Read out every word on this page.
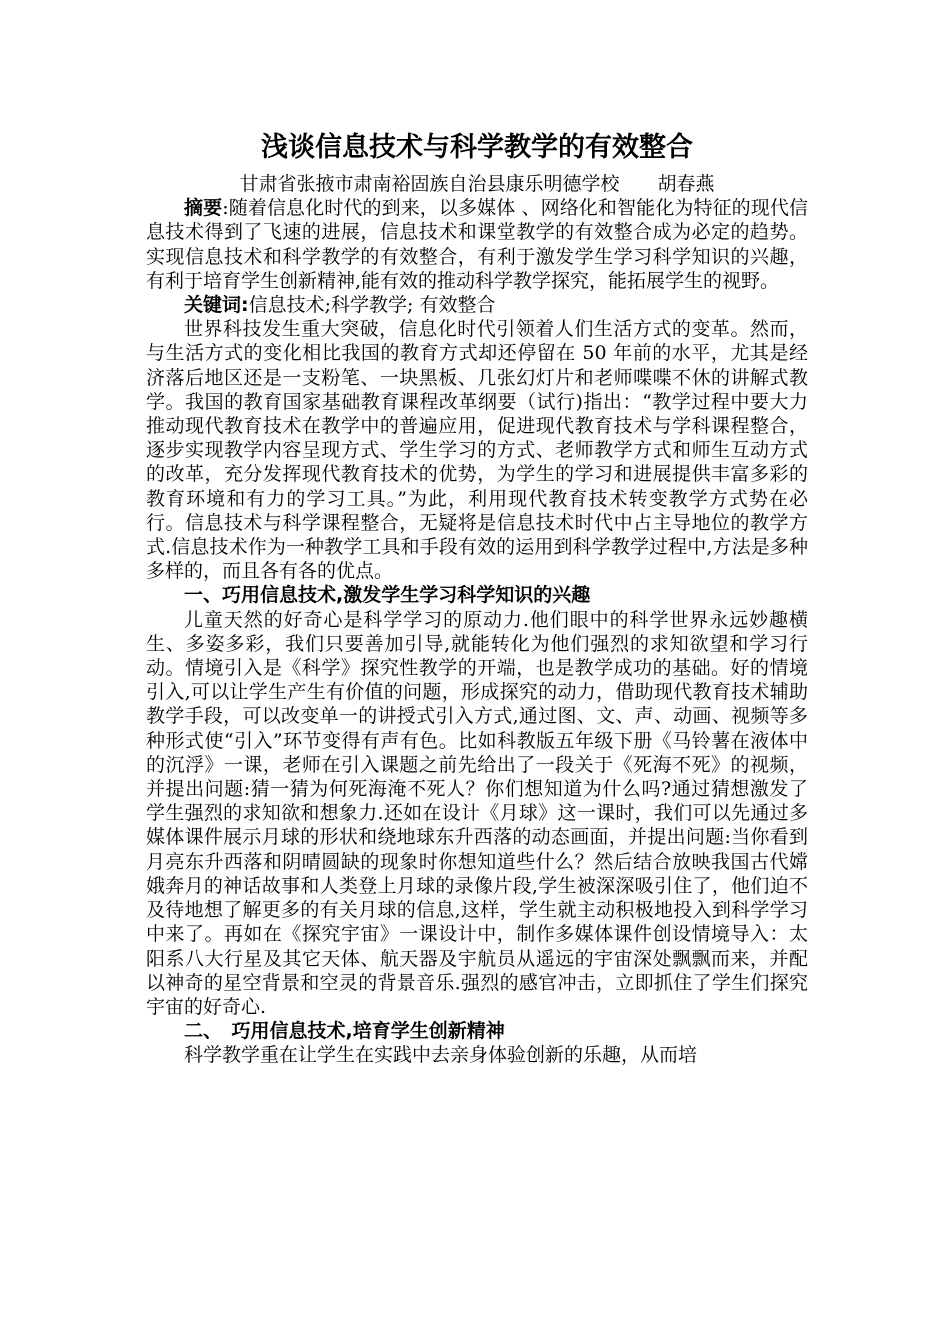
浅谈信息技术与科学教学的有效整合
甘肃省张掖市肃南裕固族自治县康乐明德学校　　胡春燕

摘要:随着信息化时代的到来，以多媒体 、网络化和智能化为特征的现代信息技术得到了飞速的进展，信息技术和课堂教学的有效整合成为必定的趋势。实现信息技术和科学教学的有效整合，有利于激发学生学习科学知识的兴趣，有利于培育学生创新精神,能有效的推动科学教学探究，能拓展学生的视野。

关键词:信息技术;科学教学; 有效整合

世界科技发生重大突破，信息化时代引领着人们生活方式的变革。然而，与生活方式的变化相比我国的教育方式却还停留在 50 年前的水平，尤其是经济落后地区还是一支粉笔、一块黑板、几张幻灯片和老师喋喋不休的讲解式教学。我国的教育国家基础教育课程改革纲要（试行)指出：“教学过程中要大力推动现代教育技术在教学中的普遍应用，促进现代教育技术与学科课程整合，逐步实现教学内容呈现方式、学生学习的方式、老师教学方式和师生互动方式的改革，充分发挥现代教育技术的优势，为学生的学习和进展提供丰富多彩的教育环境和有力的学习工具。”为此，利用现代教育技术转变教学方式势在必行。信息技术与科学课程整合，无疑将是信息技术时代中占主导地位的教学方式.信息技术作为一种教学工具和手段有效的运用到科学教学过程中,方法是多种多样的，而且各有各的优点。

一、巧用信息技术,激发学生学习科学知识的兴趣

儿童天然的好奇心是科学学习的原动力.他们眼中的科学世界永远妙趣横生、多姿多彩，我们只要善加引导,就能转化为他们强烈的求知欲望和学习行动。情境引入是《科学》探究性教学的开端，也是教学成功的基础。好的情境引入,可以让学生产生有价值的问题，形成探究的动力，借助现代教育技术辅助教学手段，可以改变单一的讲授式引入方式,通过图、文、声、动画、视频等多种形式使“引入”环节变得有声有色。比如科教版五年级下册《马铃薯在液体中的沉浮》一课，老师在引入课题之前先给出了一段关于《死海不死》的视频，并提出问题:猜一猜为何死海淹不死人？你们想知道为什么吗?通过猜想激发了学生强烈的求知欲和想象力.还如在设计《月球》这一课时，我们可以先通过多媒体课件展示月球的形状和绕地球东升西落的动态画面，并提出问题:当你看到月亮东升西落和阴晴圆缺的现象时你想知道些什么？然后结合放映我国古代嫦娥奔月的神话故事和人类登上月球的录像片段,学生被深深吸引住了，他们迫不及待地想了解更多的有关月球的信息,这样，学生就主动积极地投入到科学学习中来了。再如在《探究宇宙》一课设计中，制作多媒体课件创设情境导入：太阳系八大行星及其它天体、航天器及宇航员从遥远的宇宙深处飘飘而来，并配以神奇的星空背景和空灵的背景音乐.强烈的感官冲击，立即抓住了学生们探究宇宙的好奇心.

二、　巧用信息技术,培育学生创新精神

科学教学重在让学生在实践中去亲身体验创新的乐趣，从而培
